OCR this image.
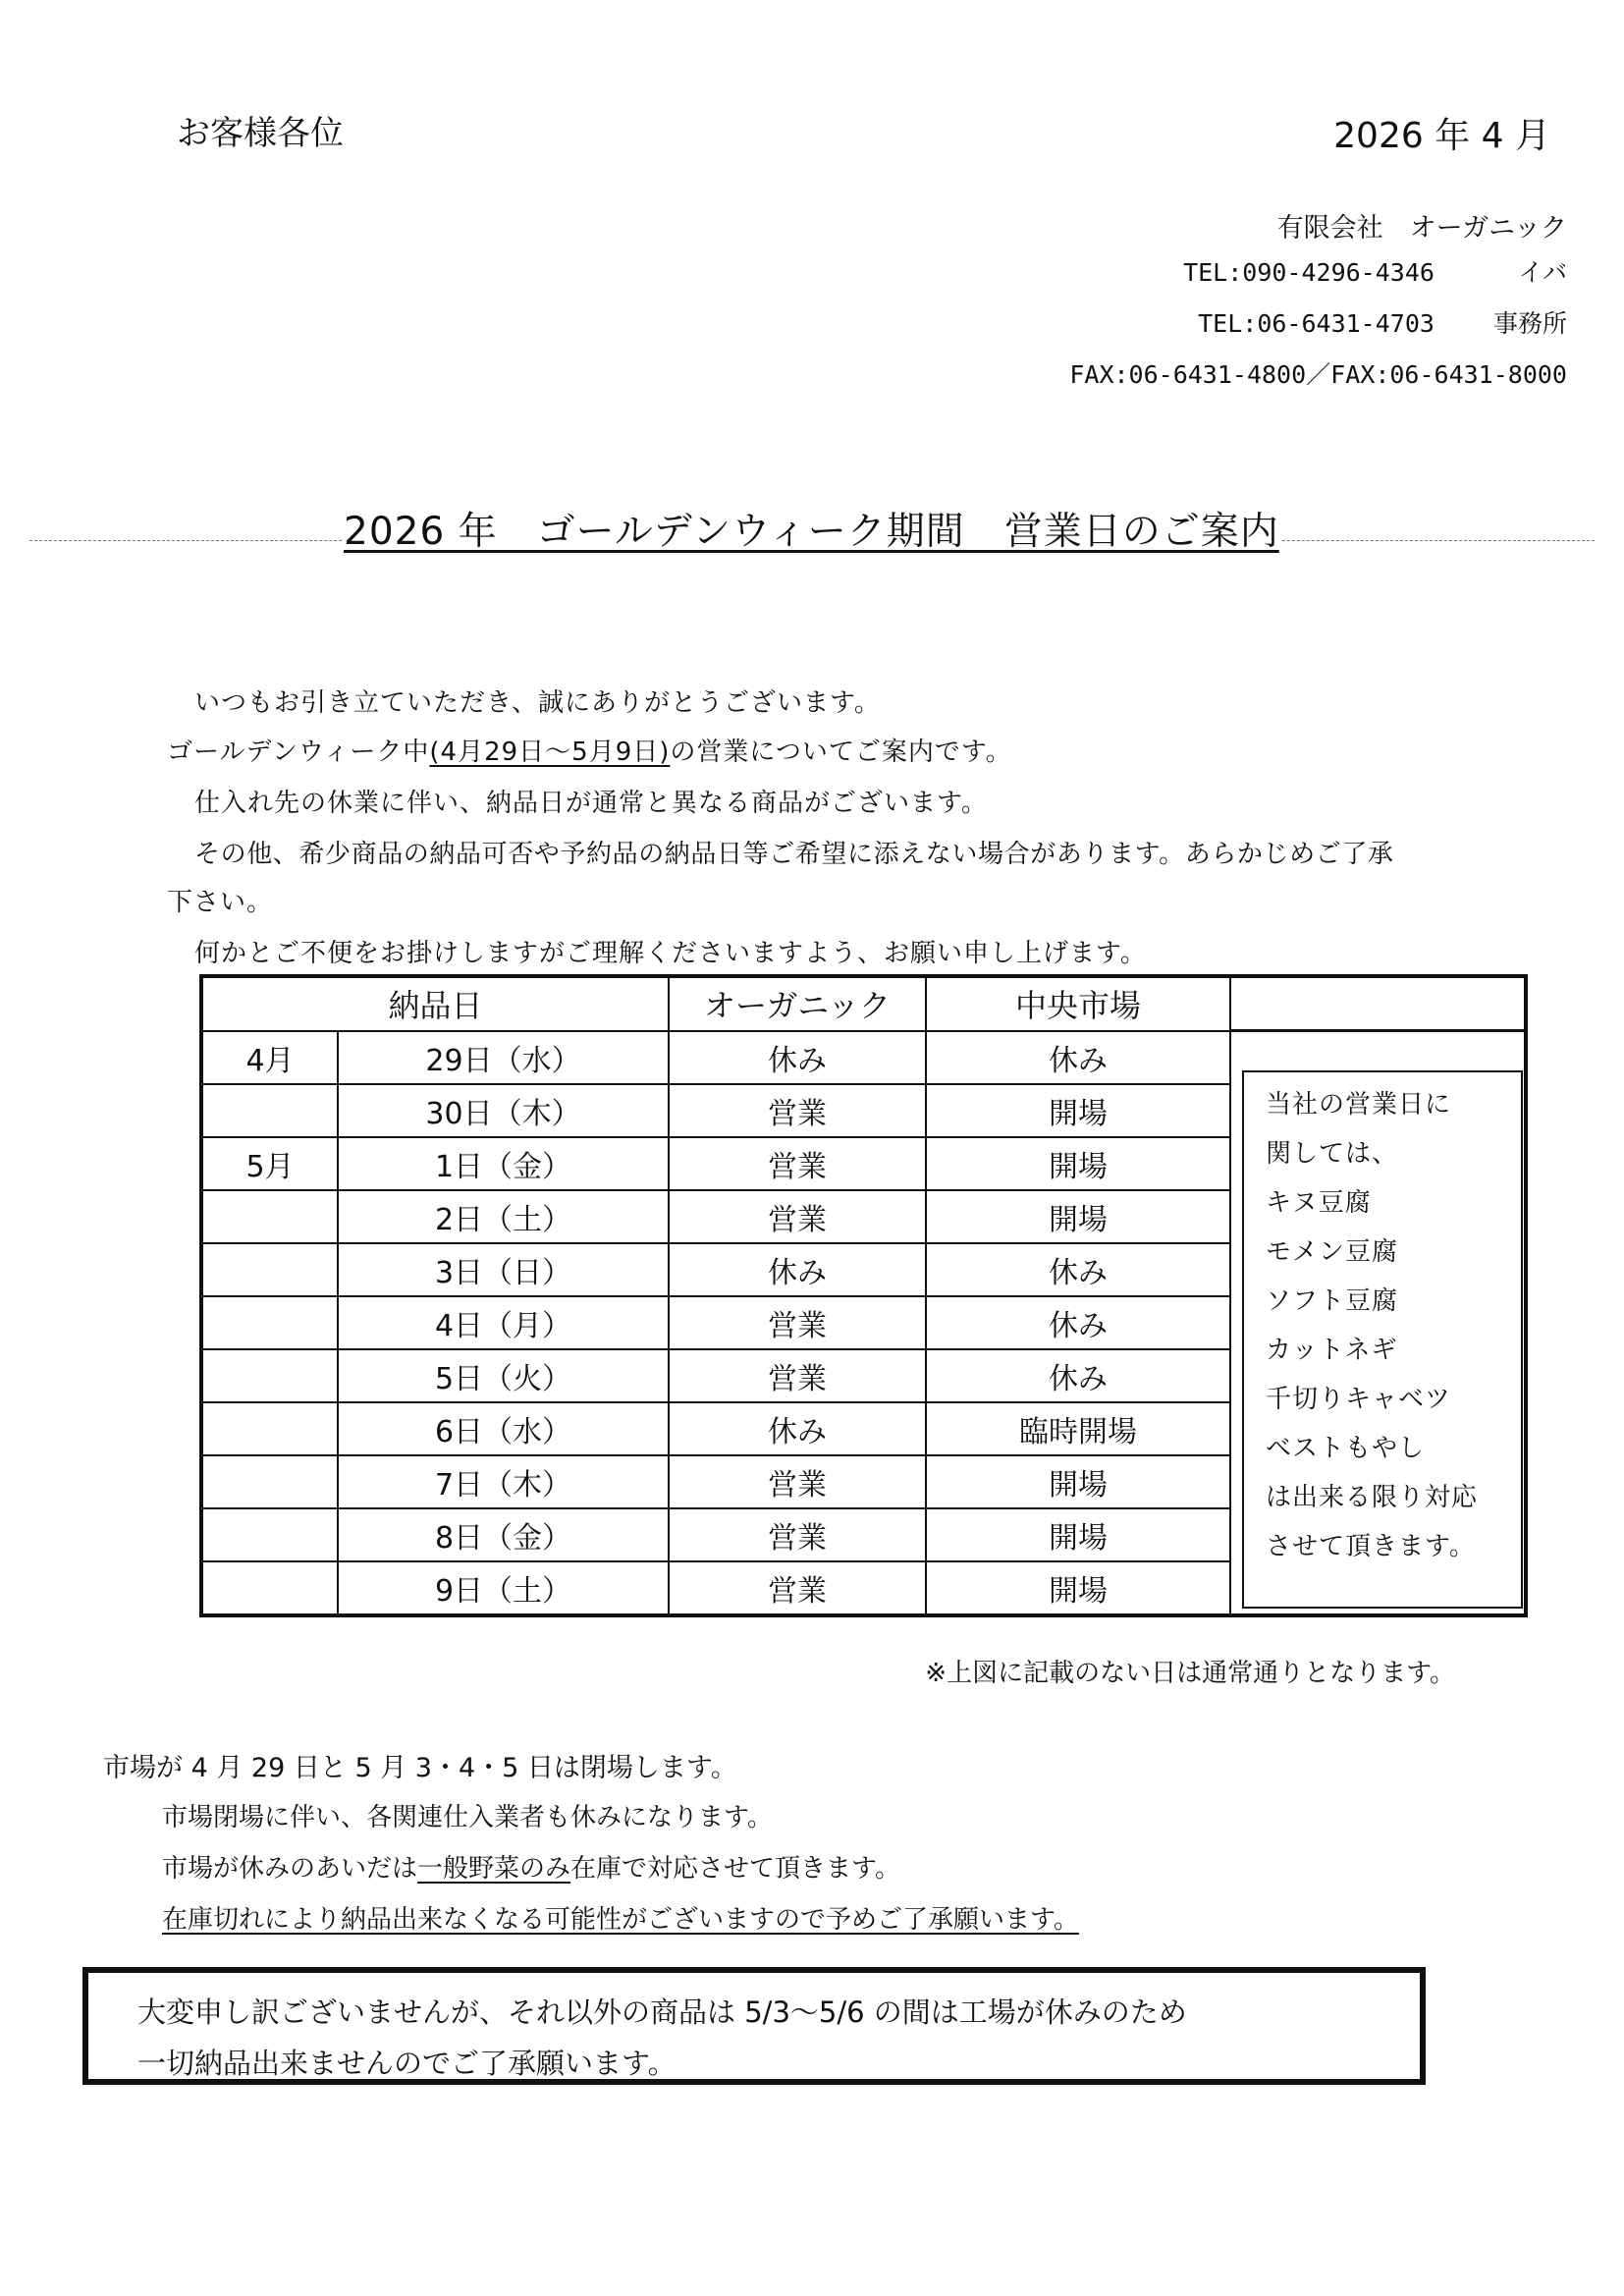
お客様各位	2026 年 4 月
有限会社　オーガニック
TEL:090-4296-4346	イバ
TEL:06-6431-4703 事務所
FAX:06-6431-4800／FAX:06-6431-8000
2026 年　ゴールデンウィーク期間　営業日のご案内
いつもお引き立ていただき、誠にありがとうございます。
ゴールデンウィーク中(4月29日～5月9日)の営業についてご案内です。
仕入れ先の休業に伴い、納品日が通常と異なる商品がございます。
その他、希少商品の納品可否や予約品の納品日等ご希望に添えない場合があります。あらかじめご了承
下さい。
何かとご不便をお掛けしますがご理解くださいますよう、お願い申し上げます。
納品日		オーガニック	中央市場	
4月	29日（水）	休み	休み	
	30日（木）	営業	開場	
5月	1日（金）	営業	開場	
	2日（土）	営業	開場	
	3日（日）	休み	休み	
	4日（月）	営業	休み	
	5日（火）	営業	休み	
	6日（水）	休み	臨時開場	
	7日（木）	営業	開場	
	8日（金）	営業	開場	
	9日（土）	営業	開場	
当社の営業日に
関しては、
キヌ豆腐
モメン豆腐
ソフト豆腐
カットネギ
千切りキャベツ
ベストもやし
は出来る限り対応
させて頂きます。
※上図に記載のない日は通常通りとなります。
市場が 4 月 29 日と 5 月 3・4・5 日は閉場します。
市場閉場に伴い、各関連仕入業者も休みになります。
市場が休みのあいだは一般野菜のみ在庫で対応させて頂きます。
在庫切れにより納品出来なくなる可能性がございますので予めご了承願います。
大変申し訳ございませんが、それ以外の商品は 5/3～5/6 の間は工場が休みのため
一切納品出来ませんのでご了承願います。
